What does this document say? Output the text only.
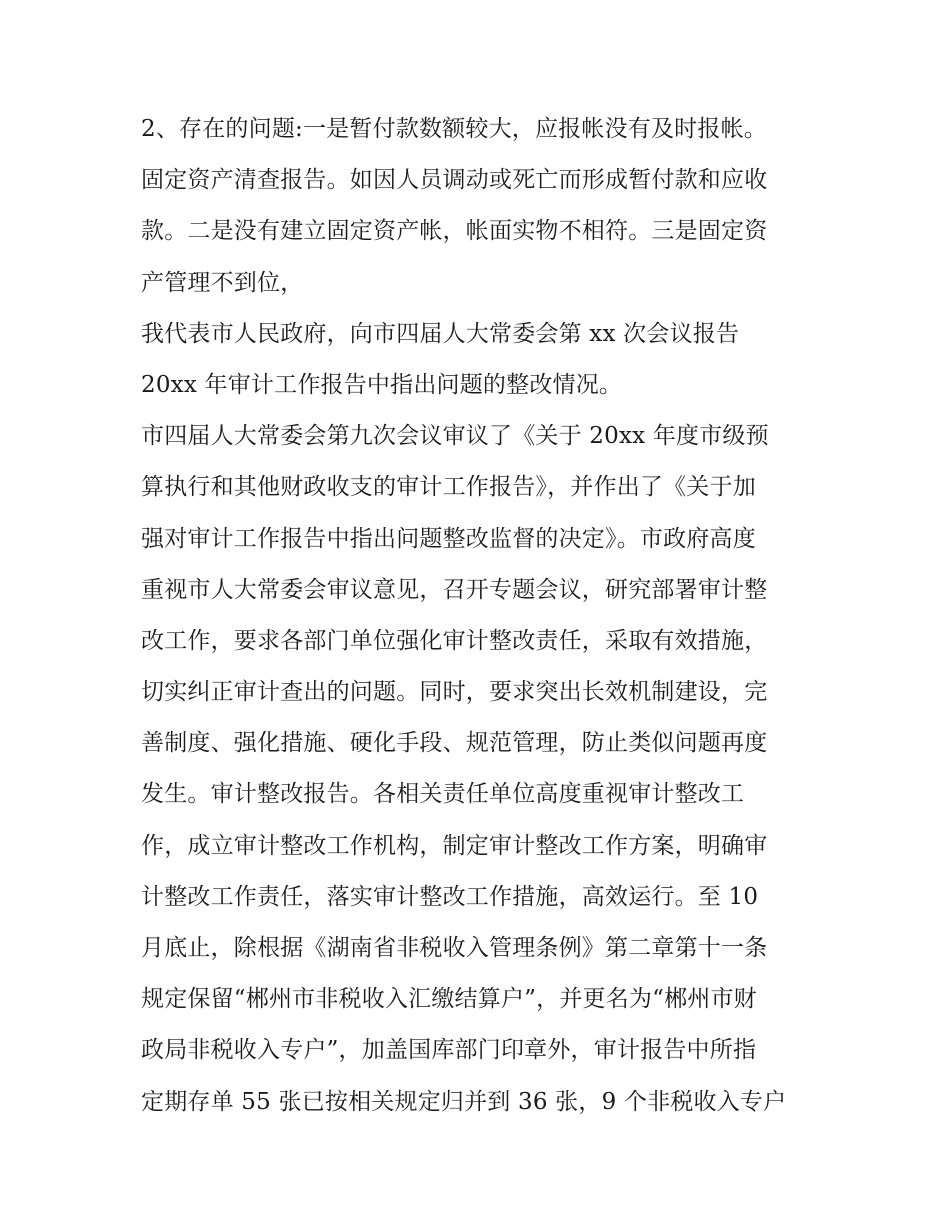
2、存在的问题:一是暂付款数额较大，应报帐没有及时报帐。
固定资产清查报告。如因人员调动或死亡而形成暂付款和应收
款。二是没有建立固定资产帐，帐面实物不相符。三是固定资
产管理不到位，
我代表市人民政府，向市四届人大常委会第 xx 次会议报告
20xx 年审计工作报告中指出问题的整改情况。
市四届人大常委会第九次会议审议了《关于 20xx 年度市级预
算执行和其他财政收支的审计工作报告》，并作出了《关于加
强对审计工作报告中指出问题整改监督的决定》。市政府高度
重视市人大常委会审议意见，召开专题会议，研究部署审计整
改工作，要求各部门单位强化审计整改责任，采取有效措施，
切实纠正审计查出的问题。同时，要求突出长效机制建设，完
善制度、强化措施、硬化手段、规范管理，防止类似问题再度
发生。审计整改报告。各相关责任单位高度重视审计整改工
作，成立审计整改工作机构，制定审计整改工作方案，明确审
计整改工作责任，落实审计整改工作措施，高效运行。至 10
月底止，除根据《湖南省非税收入管理条例》第二章第十一条
规定保留“郴州市非税收入汇缴结算户”，并更名为“郴州市财
政局非税收入专户”，加盖国库部门印章外，审计报告中所指
定期存单 55 张已按相关规定归并到 36 张，9 个非税收入专户
